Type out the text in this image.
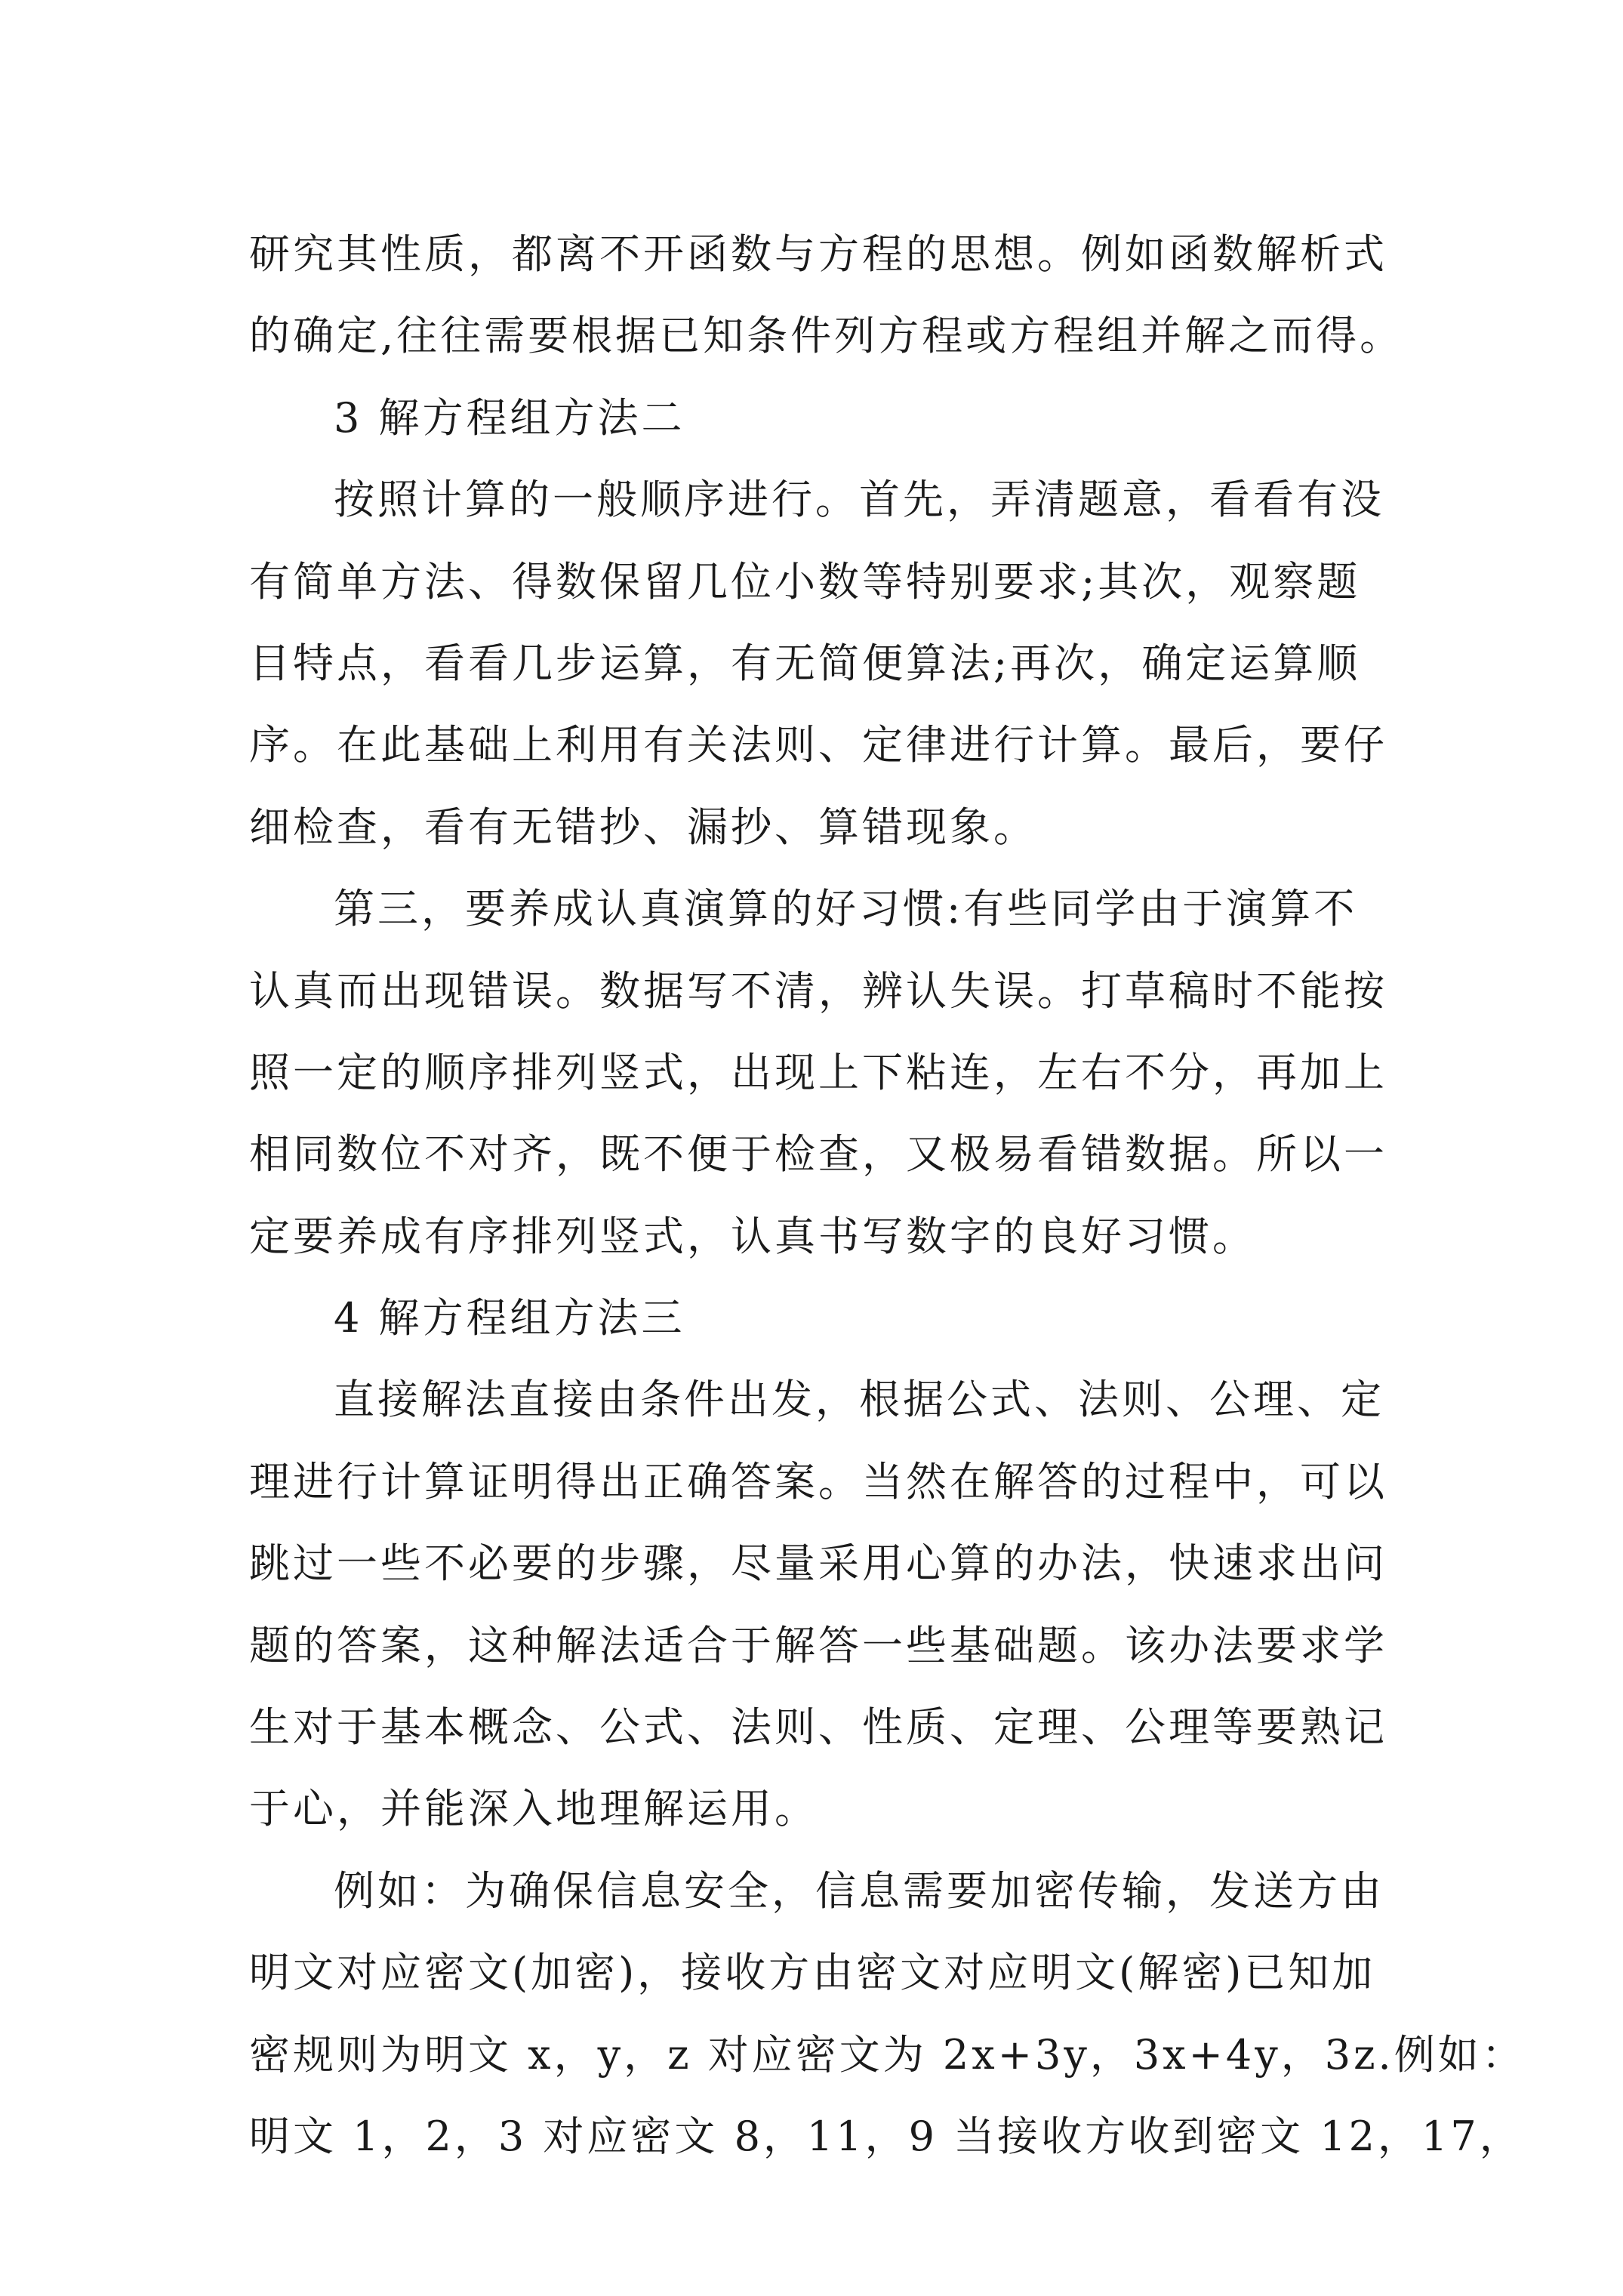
研究其性质，都离不开函数与方程的思想。例如函数解析式
的确定,往往需要根据已知条件列方程或方程组并解之而得。
3 解方程组方法二
按照计算的一般顺序进行。首先，弄清题意，看看有没
有简单方法、得数保留几位小数等特别要求;其次，观察题
目特点，看看几步运算，有无简便算法;再次，确定运算顺
序。在此基础上利用有关法则、定律进行计算。最后，要仔
细检查，看有无错抄、漏抄、算错现象。
第三，要养成认真演算的好习惯:有些同学由于演算不
认真而出现错误。数据写不清，辨认失误。打草稿时不能按
照一定的顺序排列竖式，出现上下粘连，左右不分，再加上
相同数位不对齐，既不便于检查，又极易看错数据。所以一
定要养成有序排列竖式，认真书写数字的良好习惯。
4 解方程组方法三
直接解法直接由条件出发，根据公式、法则、公理、定
理进行计算证明得出正确答案。当然在解答的过程中，可以
跳过一些不必要的步骤，尽量采用心算的办法，快速求出问
题的答案，这种解法适合于解答一些基础题。该办法要求学
生对于基本概念、公式、法则、性质、定理、公理等要熟记
于心，并能深入地理解运用。
例如：为确保信息安全，信息需要加密传输，发送方由
明文对应密文(加密)，接收方由密文对应明文(解密)已知加
密规则为明文 x，y，z 对应密文为 2x+3y，3x+4y，3z.例如：
明文 1，2，3 对应密文 8，11，9 当接收方收到密文 12，17，
